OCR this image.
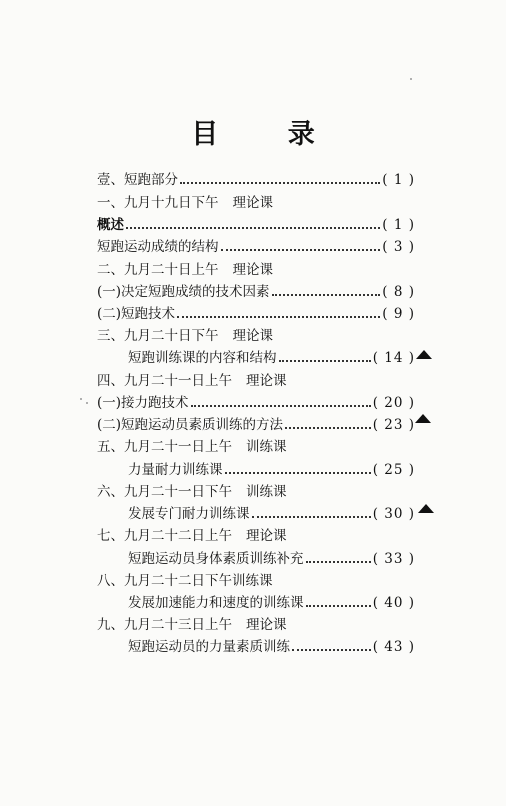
目 录
壹、短跑部分	( 1 )
一、九月十九日下午 理论课
概述	( 1 )
短跑运动成绩的结构	( 3 )
二、九月二十日上午 理论课
(一)决定短跑成绩的技术因素	( 8 )
(二)短跑技术	( 9 )
三、九月二十日下午 理论课
短跑训练课的内容和结构	( 14 )
四、九月二十一日上午 理论课
(一)接力跑技术	( 20 )
(二)短跑运动员素质训练的方法	( 23 )
五、九月二十一日上午 训练课
力量耐力训练课	( 25 )
六、九月二十一日下午 训练课
发展专门耐力训练课	( 30 )
七、九月二十二日上午 理论课
短跑运动员身体素质训练补充	( 33 )
八、九月二十二日下午训练课
发展加速能力和速度的训练课	( 40 )
九、九月二十三日上午 理论课
短跑运动员的力量素质训练	( 43 )
